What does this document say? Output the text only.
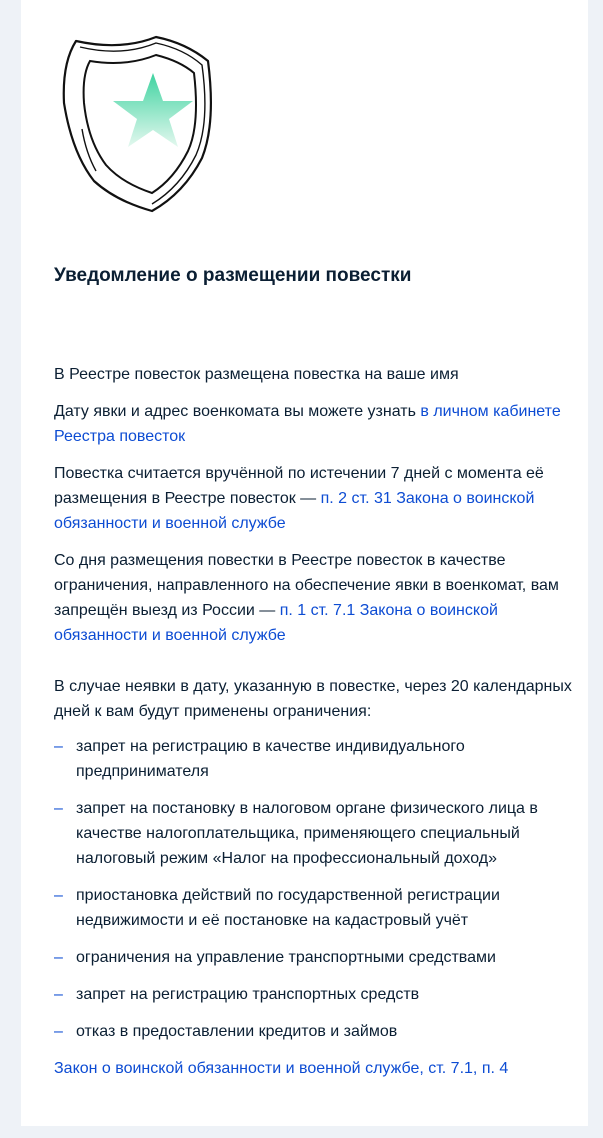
Уведомление о размещении повестки

В Реестре повесток размещена повестка на ваше имя

Дату явки и адрес военкомата вы можете узнать в личном кабинете Реестра повесток

Повестка считается вручённой по истечении 7 дней с момента её размещения в Реестре повесток — п. 2 ст. 31 Закона о воинской обязанности и военной службе

Со дня размещения повестки в Реестре повесток в качестве ограничения, направленного на обеспечение явки в военкомат, вам запрещён выезд из России — п. 1 ст. 7.1 Закона о воинской обязанности и военной службе

В случае неявки в дату, указанную в повестке, через 20 календарных дней к вам будут применены ограничения:

– запрет на регистрацию в качестве индивидуального предпринимателя
– запрет на постановку в налоговом органе физического лица в качестве налогоплательщика, применяющего специальный налоговый режим «Налог на профессиональный доход»
– приостановка действий по государственной регистрации недвижимости и её постановке на кадастровый учёт
– ограничения на управление транспортными средствами
– запрет на регистрацию транспортных средств
– отказ в предоставлении кредитов и займов
Закон о воинской обязанности и военной службе, ст. 7.1, п. 4
